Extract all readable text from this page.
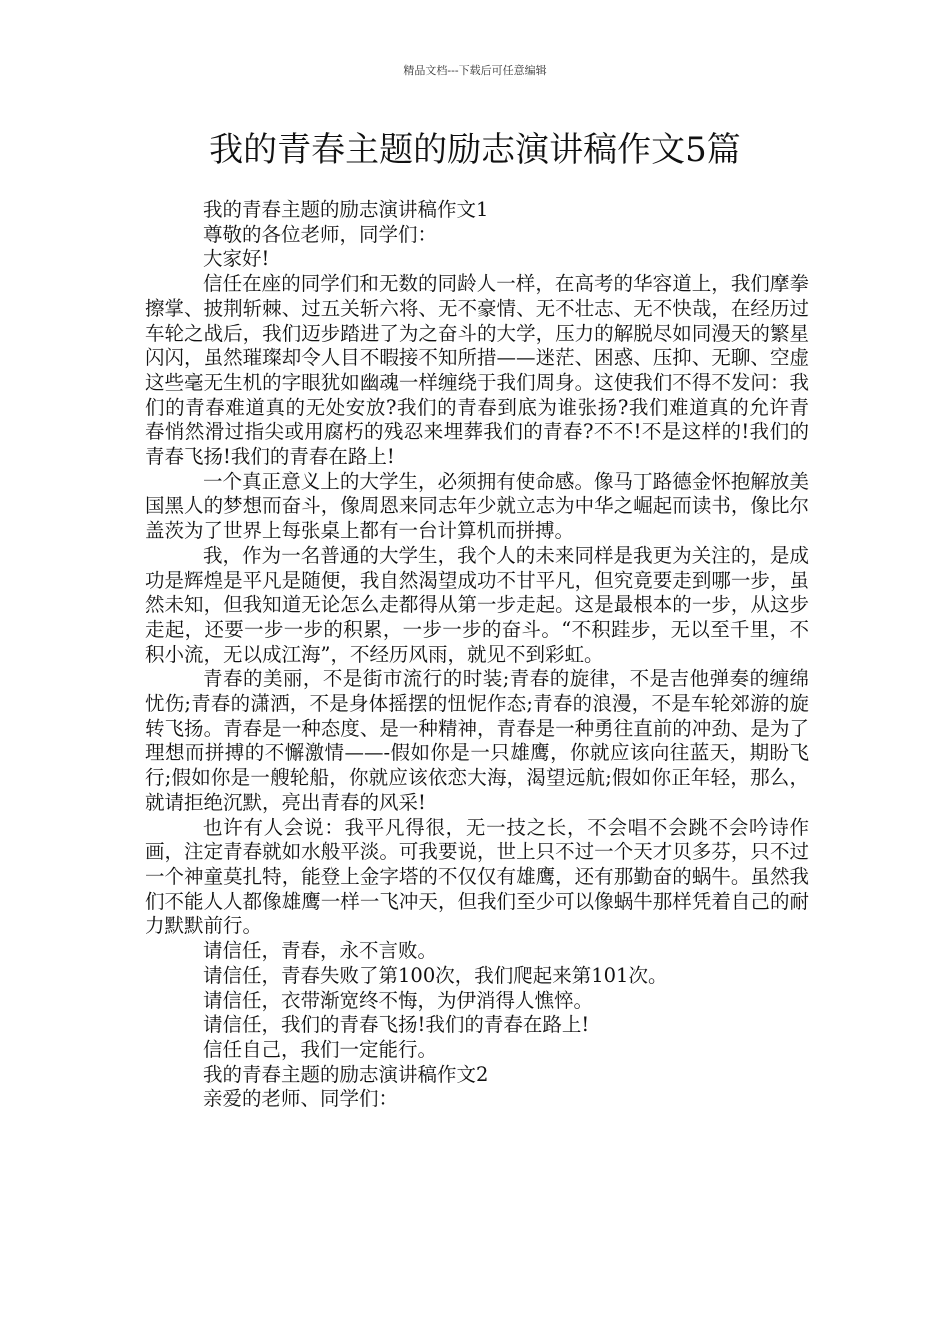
精品文档---下载后可任意编辑
我的青春主题的励志演讲稿作文5篇

我的青春主题的励志演讲稿作文1

尊敬的各位老师，同学们：

大家好!

信任在座的同学们和无数的同龄人一样，在高考的华容道上，我们摩拳擦掌、披荆斩棘、过五关斩六将、无不豪情、无不壮志、无不快哉，在经历过车轮之战后，我们迈步踏进了为之奋斗的大学，压力的解脱尽如同漫天的繁星闪闪，虽然璀璨却令人目不暇接不知所措——迷茫、困惑、压抑、无聊、空虚这些毫无生机的字眼犹如幽魂一样缠绕于我们周身。这使我们不得不发问：我们的青春难道真的无处安放?我们的青春到底为谁张扬?我们难道真的允许青春悄然滑过指尖或用腐朽的残忍来埋葬我们的青春?不不!不是这样的!我们的青春飞扬!我们的青春在路上!

一个真正意义上的大学生，必须拥有使命感。像马丁路德金怀抱解放美国黑人的梦想而奋斗，像周恩来同志年少就立志为中华之崛起而读书，像比尔盖茨为了世界上每张桌上都有一台计算机而拼搏。

我，作为一名普通的大学生，我个人的未来同样是我更为关注的，是成功是辉煌是平凡是随便，我自然渴望成功不甘平凡，但究竟要走到哪一步，虽然未知，但我知道无论怎么走都得从第一步走起。这是最根本的一步，从这步走起，还要一步一步的积累，一步一步的奋斗。“不积跬步，无以至千里，不积小流，无以成江海”，不经历风雨，就见不到彩虹。

青春的美丽，不是街市流行的时装;青春的旋律，不是吉他弹奏的缠绵忧伤;青春的潇洒，不是身体摇摆的忸怩作态;青春的浪漫，不是车轮郊游的旋转飞扬。青春是一种态度、是一种精神，青春是一种勇往直前的冲劲、是为了理想而拼搏的不懈激情——-假如你是一只雄鹰，你就应该向往蓝天，期盼飞行;假如你是一艘轮船，你就应该依恋大海，渴望远航;假如你正年轻，那么，就请拒绝沉默，亮出青春的风采!

也许有人会说：我平凡得很，无一技之长，不会唱不会跳不会吟诗作画，注定青春就如水般平淡。可我要说，世上只不过一个天才贝多芬，只不过一个神童莫扎特，能登上金字塔的不仅仅有雄鹰，还有那勤奋的蜗牛。虽然我们不能人人都像雄鹰一样一飞冲天，但我们至少可以像蜗牛那样凭着自己的耐力默默前行。

请信任，青春，永不言败。

请信任，青春失败了第100次，我们爬起来第101次。

请信任，衣带渐宽终不悔，为伊消得人憔悴。

请信任，我们的青春飞扬!我们的青春在路上!

信任自己，我们一定能行。

我的青春主题的励志演讲稿作文2

亲爱的老师、同学们：
